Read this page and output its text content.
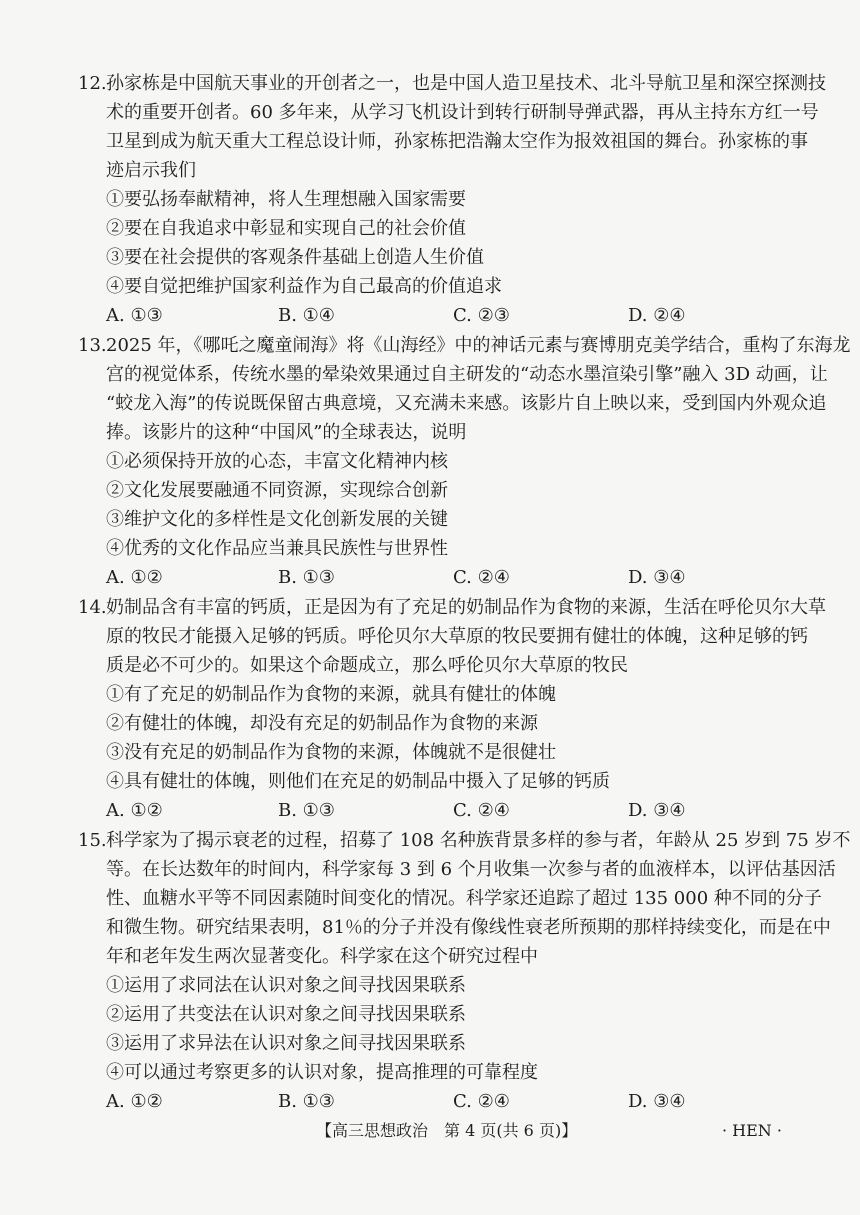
12.孙家栋是中国航天事业的开创者之一，也是中国人造卫星技术、北斗导航卫星和深空探测技
术的重要开创者。60 多年来，从学习飞机设计到转行研制导弹武器，再从主持东方红一号
卫星到成为航天重大工程总设计师，孙家栋把浩瀚太空作为报效祖国的舞台。孙家栋的事
迹启示我们
①要弘扬奉献精神，将人生理想融入国家需要
②要在自我追求中彰显和实现自己的社会价值
③要在社会提供的客观条件基础上创造人生价值
④要自觉把维护国家利益作为自己最高的价值追求
A. ①③	B. ①④	C. ②③	D. ②④
13.2025 年，《哪吒之魔童闹海》将《山海经》中的神话元素与赛博朋克美学结合，重构了东海龙
宫的视觉体系，传统水墨的晕染效果通过自主研发的“动态水墨渲染引擎”融入 3D 动画，让
“蛟龙入海”的传说既保留古典意境，又充满未来感。该影片自上映以来，受到国内外观众追
捧。该影片的这种“中国风”的全球表达，说明
①必须保持开放的心态，丰富文化精神内核
②文化发展要融通不同资源，实现综合创新
③维护文化的多样性是文化创新发展的关键
④优秀的文化作品应当兼具民族性与世界性
A. ①②	B. ①③	C. ②④	D. ③④
14.奶制品含有丰富的钙质，正是因为有了充足的奶制品作为食物的来源，生活在呼伦贝尔大草
原的牧民才能摄入足够的钙质。呼伦贝尔大草原的牧民要拥有健壮的体魄，这种足够的钙
质是必不可少的。如果这个命题成立，那么呼伦贝尔大草原的牧民
①有了充足的奶制品作为食物的来源，就具有健壮的体魄
②有健壮的体魄，却没有充足的奶制品作为食物的来源
③没有充足的奶制品作为食物的来源，体魄就不是很健壮
④具有健壮的体魄，则他们在充足的奶制品中摄入了足够的钙质
A. ①②	B. ①③	C. ②④	D. ③④
15.科学家为了揭示衰老的过程，招募了 108 名种族背景多样的参与者，年龄从 25 岁到 75 岁不
等。在长达数年的时间内，科学家每 3 到 6 个月收集一次参与者的血液样本，以评估基因活
性、血糖水平等不同因素随时间变化的情况。科学家还追踪了超过 135 000 种不同的分子
和微生物。研究结果表明，81％的分子并没有像线性衰老所预期的那样持续变化，而是在中
年和老年发生两次显著变化。科学家在这个研究过程中
①运用了求同法在认识对象之间寻找因果联系
②运用了共变法在认识对象之间寻找因果联系
③运用了求异法在认识对象之间寻找因果联系
④可以通过考察更多的认识对象，提高推理的可靠程度
A. ①②	B. ①③	C. ②④	D. ③④
【高三思想政治　第 4 页(共 6 页)】	· HEN ·
